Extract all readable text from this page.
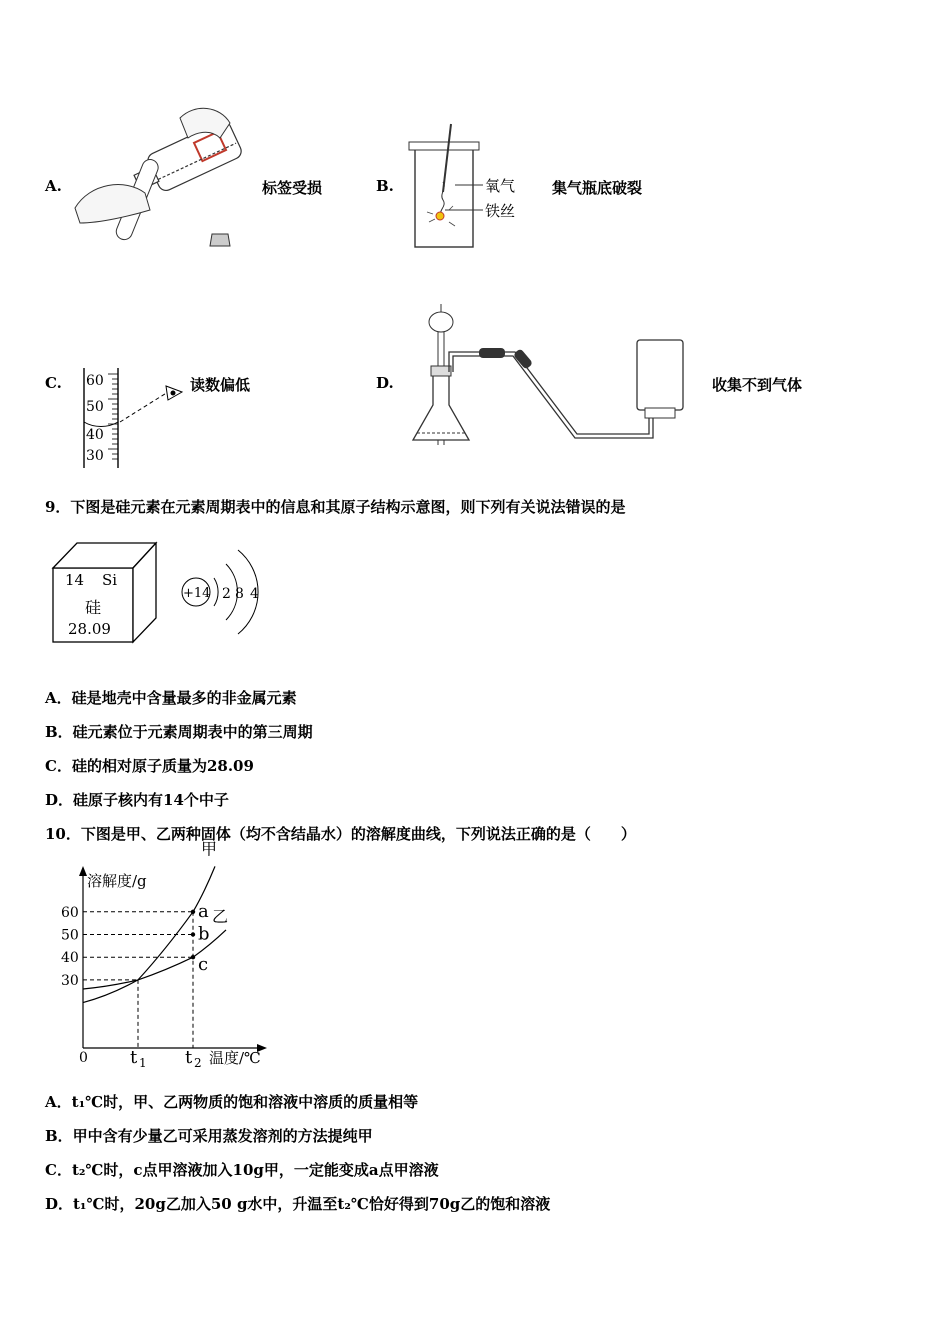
A.	标签受损	B.	氧气
铁丝
集气瓶底破裂
C. 60
50
40
30
读数偏低	D.	收集不到气体
9．下图是硅元素在元素周期表中的信息和其原子结构示意图，则下列有关说法错误的是
14 Si
硅
28.09
+14 2 8 4
A．硅是地壳中含量最多的非金属元素
B．硅元素位于元素周期表中的第三周期
C．硅的相对原子质量为28.09
D．硅原子核内有14个中子
10．下图是甲、乙两种固体（均不含结晶水）的溶解度曲线，下列说法正确的是（　　）
溶解度/g
温度/℃
0
30
40
50
60
t 1 t 2
甲
乙
a
b
c
A．t₁℃时，甲、乙两物质的饱和溶液中溶质的质量相等
B．甲中含有少量乙可采用蒸发溶剂的方法提纯甲
C．t₂℃时，c点甲溶液加入10g甲，一定能变成a点甲溶液
D．t₁℃时，20g乙加入50 g水中，升温至t₂℃恰好得到70g乙的饱和溶液
